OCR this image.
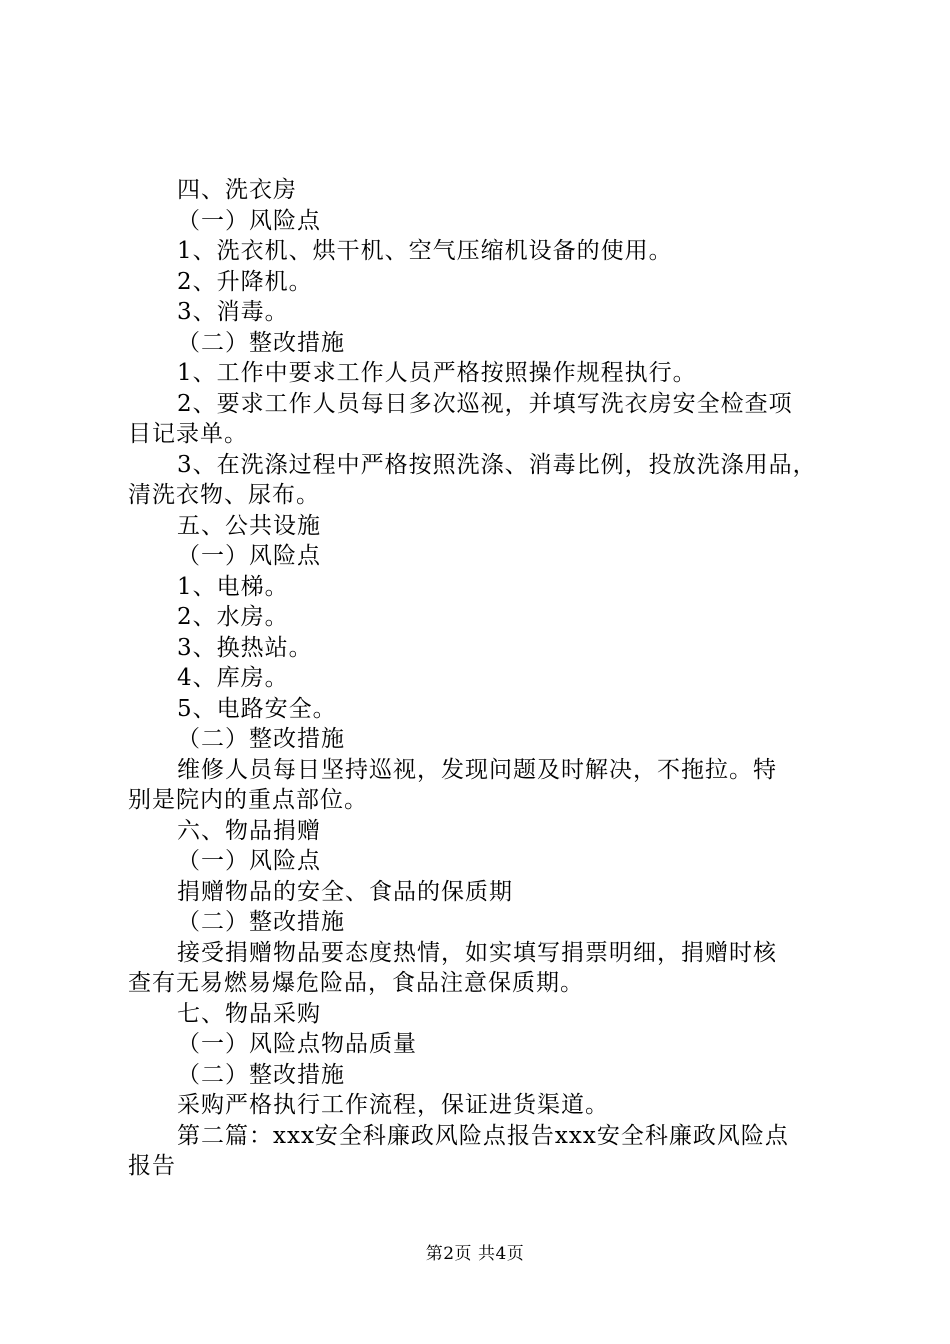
四、洗衣房
（一）风险点
1、洗衣机、烘干机、空气压缩机设备的使用。
2、升降机。
3、消毒。
（二）整改措施
1、工作中要求工作人员严格按照操作规程执行。
2、要求工作人员每日多次巡视，并填写洗衣房安全检查项
目记录单。
3、在洗涤过程中严格按照洗涤、消毒比例，投放洗涤用品，
清洗衣物、尿布。
五、公共设施
（一）风险点
1、电梯。
2、水房。
3、换热站。
4、库房。
5、电路安全。
（二）整改措施
维修人员每日坚持巡视，发现问题及时解决，不拖拉。特
别是院内的重点部位。
六、物品捐赠
（一）风险点
捐赠物品的安全、食品的保质期
（二）整改措施
接受捐赠物品要态度热情，如实填写捐票明细，捐赠时核
查有无易燃易爆危险品，食品注意保质期。
七、物品采购
（一）风险点物品质量
（二）整改措施
采购严格执行工作流程，保证进货渠道。
第二篇：xxx安全科廉政风险点报告xxx安全科廉政风险点
报告
第2页 共4页
